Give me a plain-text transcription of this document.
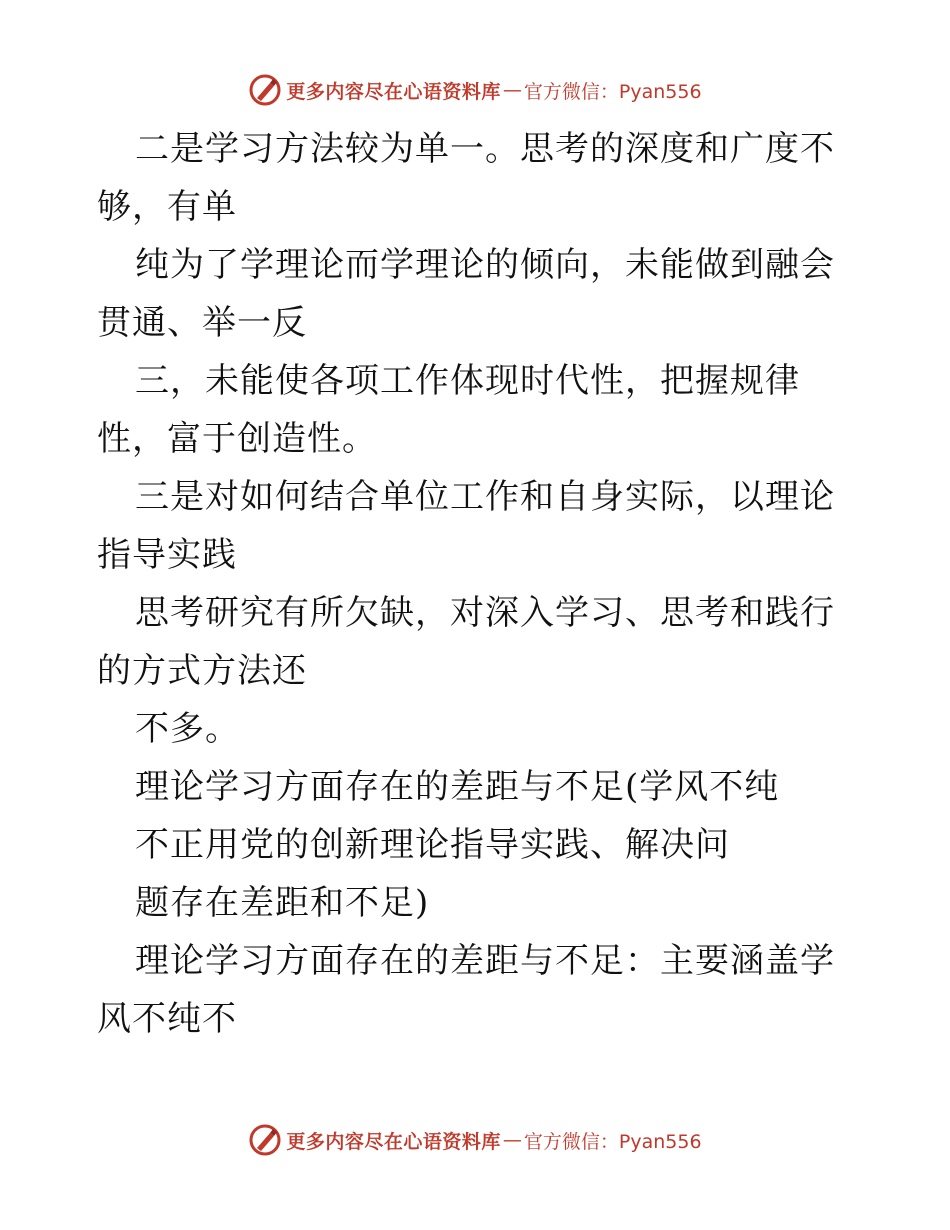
更多内容尽在心语资料库 — 官方微信：Pyan556

二是学习方法较为单一。思考的深度和广度不够，有单

纯为了学理论而学理论的倾向，未能做到融会贯通、举一反

三，未能使各项工作体现时代性，把握规律性，富于创造性。

三是对如何结合单位工作和自身实际，以理论指导实践

思考研究有所欠缺，对深入学习、思考和践行的方式方法还

不多。

理论学习方面存在的差距与不足(学风不纯

不正用党的创新理论指导实践、解决问

题存在差距和不足)

理论学习方面存在的差距与不足：主要涵盖学风不纯不

更多内容尽在心语资料库 — 官方微信：Pyan556
